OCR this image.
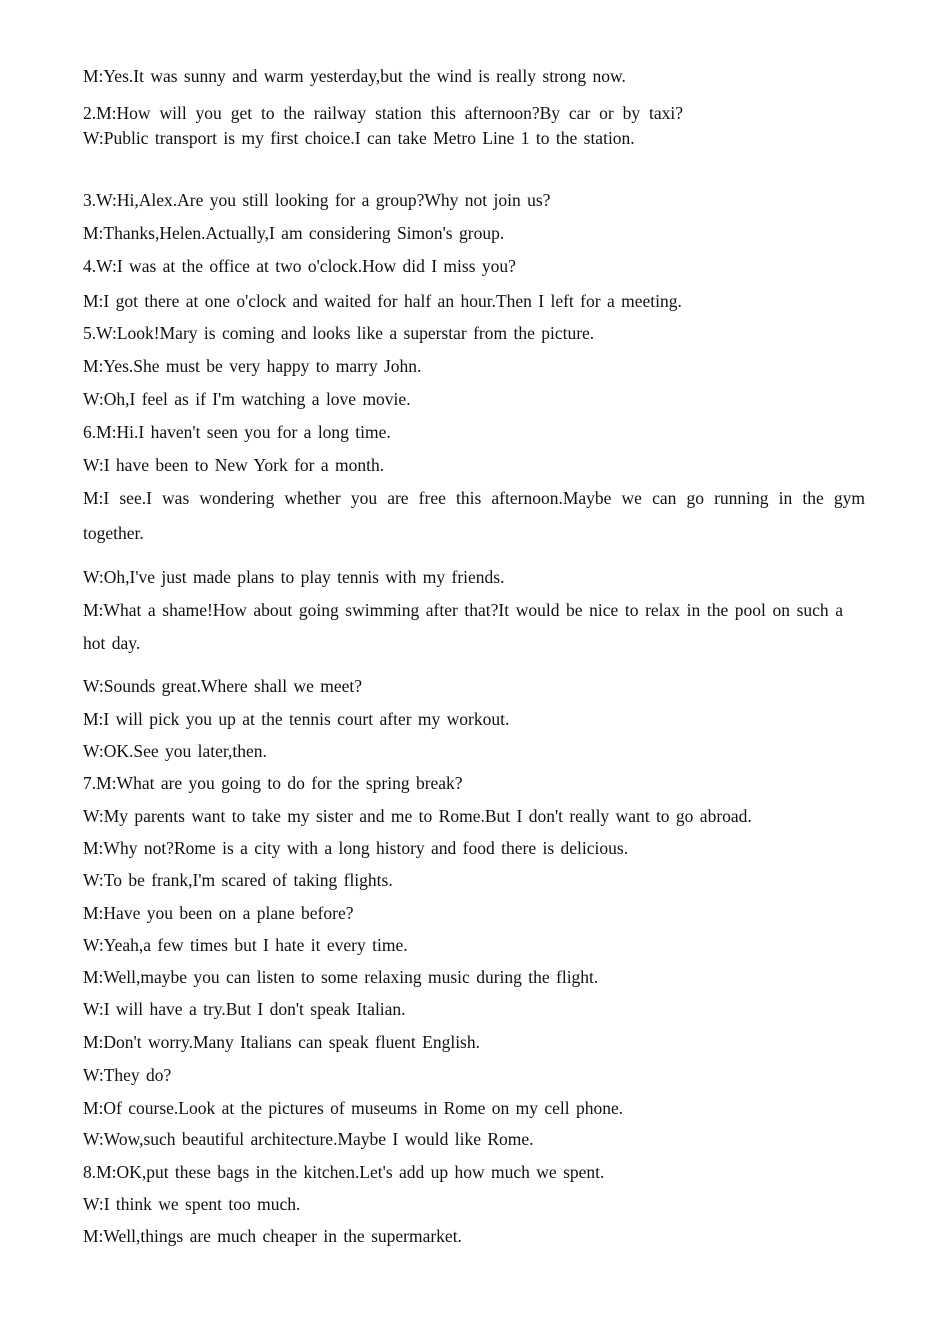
M:Yes.It was sunny and warm yesterday,but the wind is really strong now.
2.M:How will you get to the railway station this afternoon?By car or by taxi? W:Public transport is my first choice.I can take Metro Line 1 to the station.
3.W:Hi,Alex.Are you still looking for a group?Why not join us?
M:Thanks,Helen.Actually,I am considering Simon's group.
4.W:I was at the office at two o'clock.How did I miss you?
M:I got there at one o'clock and waited for half an hour.Then I left for a meeting.
5.W:Look!Mary is coming and looks like a superstar from the picture.
M:Yes.She must be very happy to marry John.
W:Oh,I feel as if I'm watching a love movie.
6.M:Hi.I haven't seen you for a long time.
W:I have been to New York for a month.
M:I see.I was wondering whether you are free this afternoon.Maybe we can go running in the gym together.
W:Oh,I've just made plans to play tennis with my friends.
M:What a shame!How about going swimming after that?It would be nice to relax in the pool on such a hot day.
W:Sounds great.Where shall we meet?
M:I will pick you up at the tennis court after my workout.
W:OK.See you later,then.
7.M:What are you going to do for the spring break?
W:My parents want to take my sister and me to Rome.But I don't really want to go abroad.
M:Why not?Rome is a city with a long history and food there is delicious.
W:To be frank,I'm scared of taking flights.
M:Have you been on a plane before?
W:Yeah,a few times but I hate it every time.
M:Well,maybe you can listen to some relaxing music during the flight.
W:I will have a try.But I don't speak Italian.
M:Don't worry.Many Italians can speak fluent English.
W:They do?
M:Of course.Look at the pictures of museums in Rome on my cell phone.
W:Wow,such beautiful architecture.Maybe I would like Rome.
8.M:OK,put these bags in the kitchen.Let's add up how much we spent.
W:I think we spent too much.
M:Well,things are much cheaper in the supermarket.
